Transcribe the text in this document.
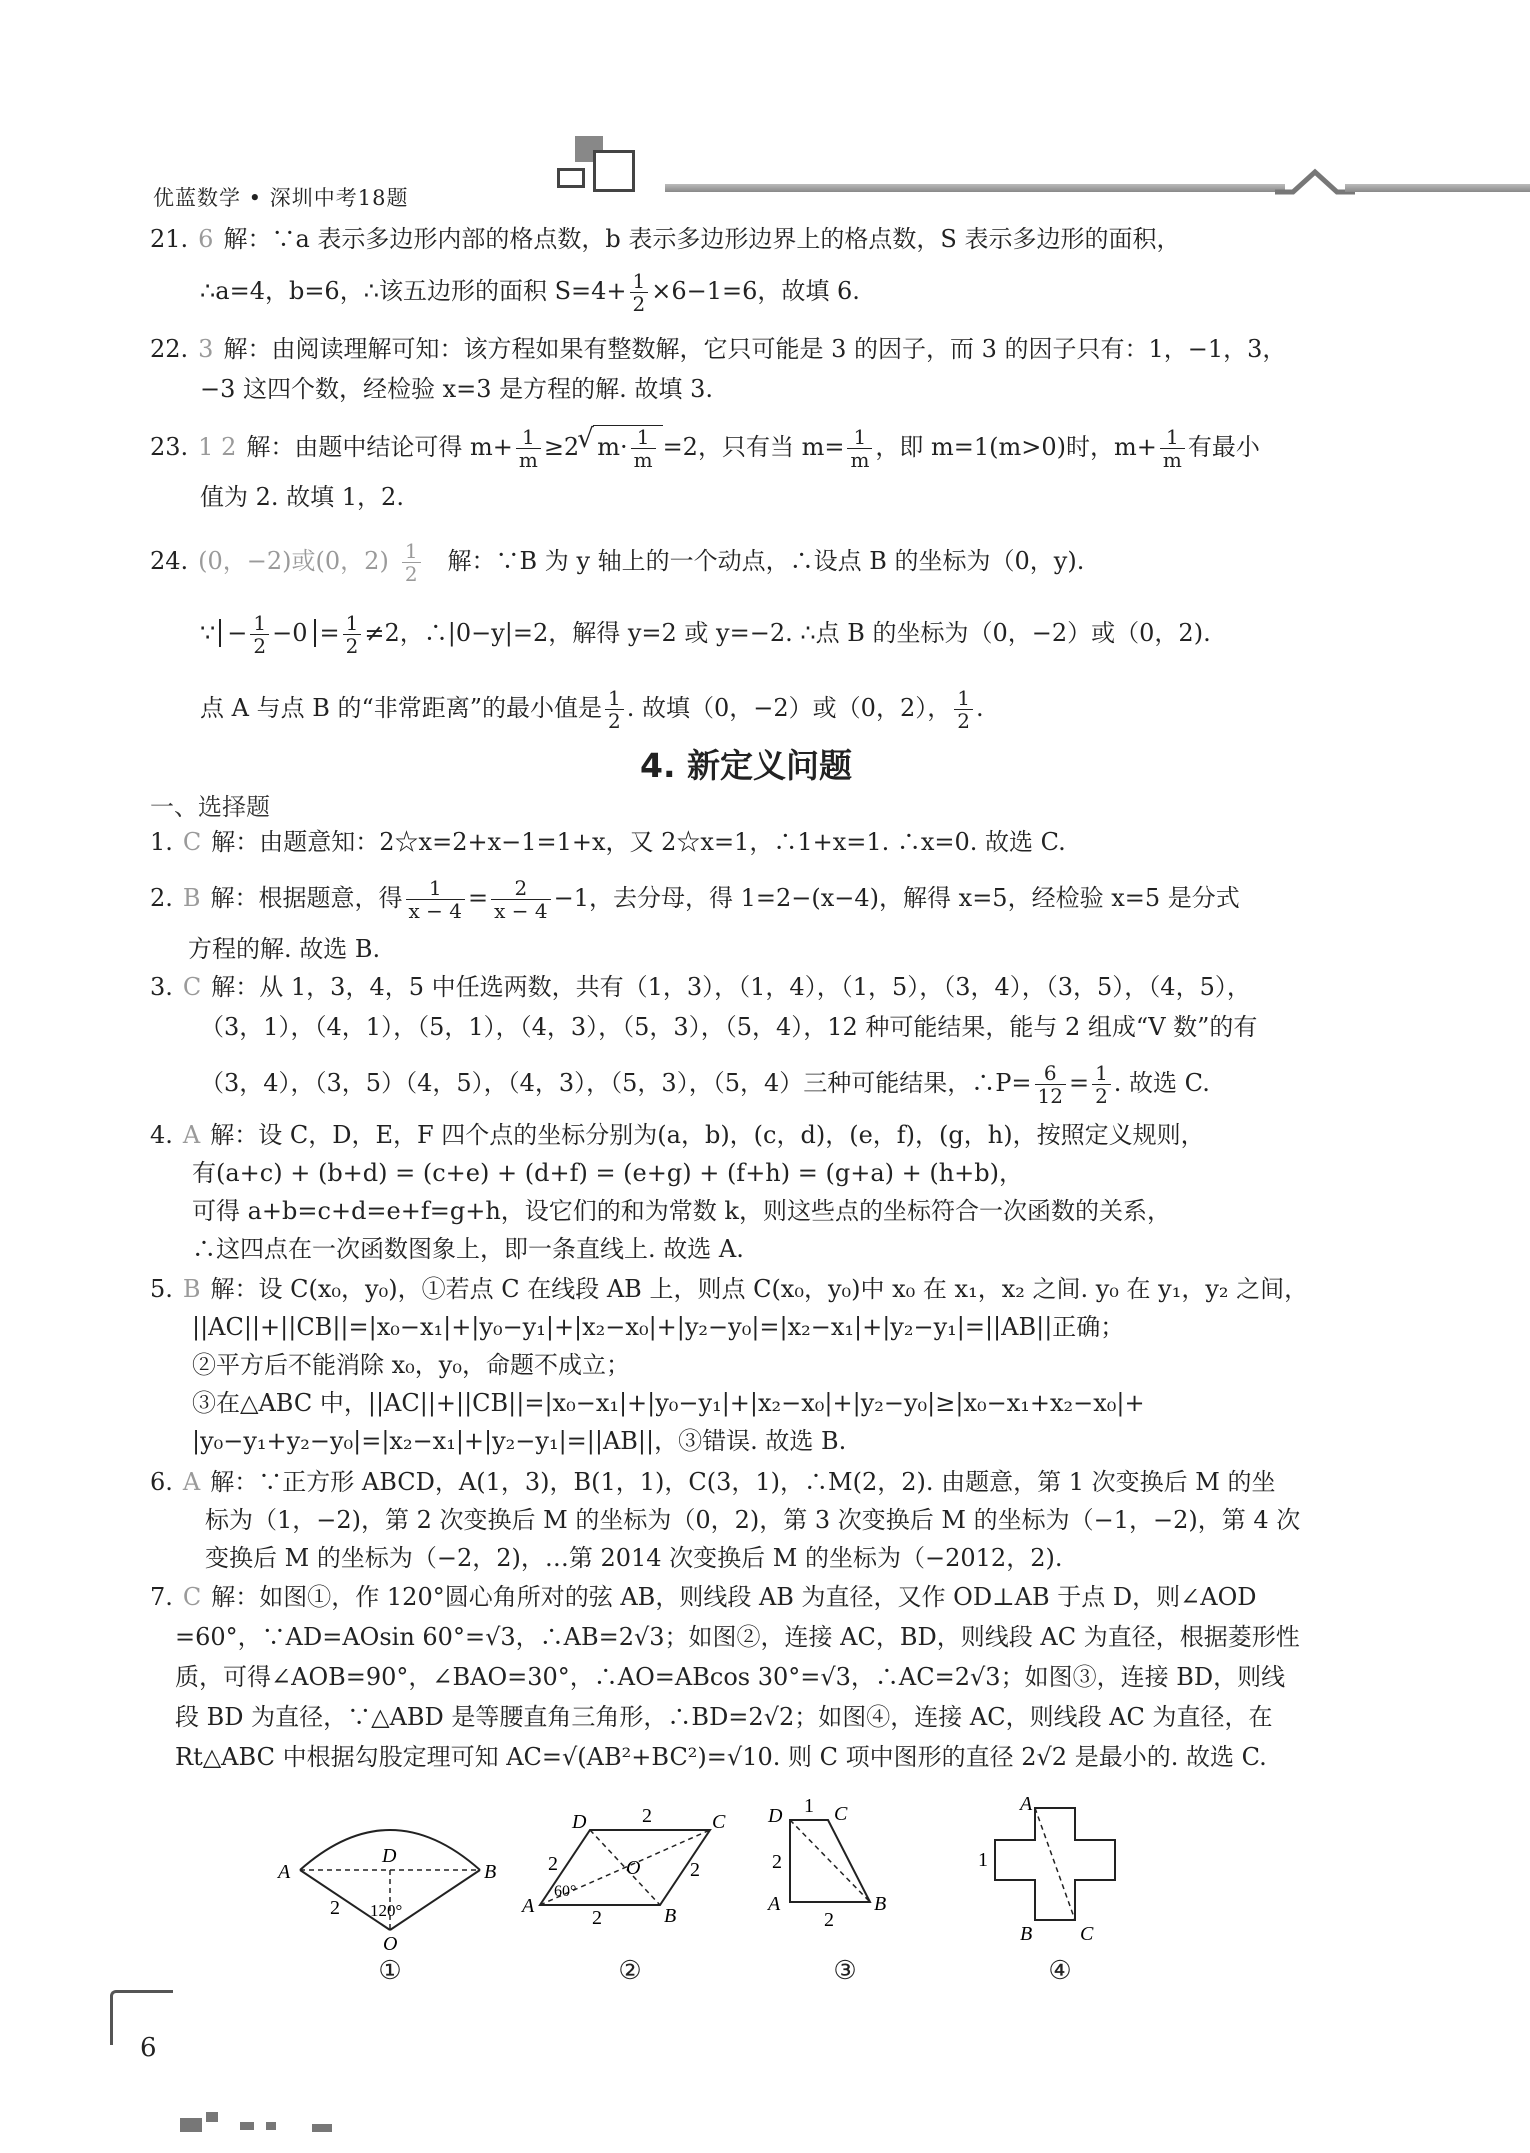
优蓝数学 • 深圳中考18题
21. 6 解：∵a 表示多边形内部的格点数，b 表示多边形边界上的格点数，S 表示多边形的面积，
∴a=4，b=6，∴该五边形的面积 $S=4+ \frac{1}{2} \times 6-1=6$，故填 6.
22. 3 解：由阅读理解可知：该方程如果有整数解，它只可能是 3 的因子，而 3 的因子只有：1，−1，3，
−3 这四个数，经检验 x=3 是方程的解. 故填 3.
23. 1 2 解：由题中结论可得 $m+ \frac{1}{m} \ge 2√$ $m\cdot \frac{1}{m} =2$，只有当 $m= \frac{1}{m}$ ，即 m=1(m>0)时，$m+ \frac{1}{m}$ 有最小
值为 2. 故填 1，2.
24. (0，−2)或(0，$2) \frac{1}{2}$ 解：∵B 为 y 轴上的一个动点，∴设点 B 的坐标为（0，y).
∵ − $\frac{1}{2} -0 = \frac{1}{2} \ne 2$，∴|0−y|=2，解得 y=2 或 y=−2. ∴点 B 的坐标为（0，−2）或（0，2).
点 A 与点 B 的“非常距离”的最小值是 $\frac{1}{2}$ . 故填（0，−2）或（0，2）， $\frac{1}{2}$ .
4. 新定义问题
一、选择题
1. C 解：由题意知：2☆x=2+x−1=1+x，又 2☆x=1，∴1+x=1. ∴x=0. 故选 C.
2. B 解：根据题意，得 $\frac{1}{x - 4} = \frac{2}{x - 4} -1$，去分母，得 1=2−(x−4)，解得 x=5，经检验 x=5 是分式
方程的解. 故选 B.
3. C 解：从 1，3，4，5 中任选两数，共有（1，3），（1，4），（1，5），（3，4），（3，5），（4，5），
（3，1），（4，1），（5，1），（4，3），（5，3），（5，4），12 种可能结果，能与 2 组成“V 数”的有
（3，4），（3，5）（4，5），（4，3），（5，3），（5，4）三种可能结果，∴P= $\frac{6}{12} = \frac{1}{2}$ . 故选 C.
4. A 解：设 C，D，E，F 四个点的坐标分别为(a，b)，(c，d)，(e，f)，(g，h)，按照定义规则，
有(a+c) + (b+d) = (c+e) + (d+f) = (e+g) + (f+h) = (g+a) + (h+b)，
可得 a+b=c+d=e+f=g+h，设它们的和为常数 k，则这些点的坐标符合一次函数的关系，
∴这四点在一次函数图象上，即一条直线上. 故选 A.
5. B 解：设 C(x₀，y₀)，①若点 C 在线段 AB 上，则点 C(x₀，y₀)中 x₀ 在 x₁，x₂ 之间. y₀ 在 y₁，y₂ 之间，
||AC||+||CB||=|x₀−x₁|+|y₀−y₁|+|x₂−x₀|+|y₂−y₀|=|x₂−x₁|+|y₂−y₁|=||AB||正确；
②平方后不能消除 x₀，y₀，命题不成立；
③在△ABC 中，||AC||+||CB||=|x₀−x₁|+|y₀−y₁|+|x₂−x₀|+|y₂−y₀|≥|x₀−x₁+x₂−x₀|+
|y₀−y₁+y₂−y₀|=|x₂−x₁|+|y₂−y₁|=||AB||，③错误. 故选 B.
6. A 解：∵正方形 ABCD，A(1，3)，B(1，1)，C(3，1)，∴M(2，2). 由题意，第 1 次变换后 M 的坐
标为（1，−2)，第 2 次变换后 M 的坐标为（0，2)，第 3 次变换后 M 的坐标为（−1，−2)，第 4 次
变换后 M 的坐标为（−2，2)，…第 2014 次变换后 M 的坐标为（−2012，2).
7. C 解：如图①，作 120°圆心角所对的弦 AB，则线段 AB 为直径，又作 OD⊥AB 于点 D，则∠AOD
=60°，∵AD=AOsin 60°=√3，∴AB=2√3；如图②，连接 AC，BD，则线段 AC 为直径，根据菱形性
质，可得∠AOB=90°，∠BAO=30°，∴AO=ABcos 30°=√3，∴AC=2√3；如图③，连接 BD，则线
段 BD 为直径，∵△ABD 是等腰直角三角形，∴BD=2√2；如图④，连接 AC，则线段 AC 为直径，在
Rt△ABC 中根据勾股定理可知 AC=√(AB²+BC²)=√10. 则 C 项中图形的直径 2√2 是最小的. 故选 C.
A	B
D
O
120°
2
①
A	B
C
D
O
60°
2
2	2
2
②
A	B
C
D 1
2
2
③
A
B C
1
④
6
